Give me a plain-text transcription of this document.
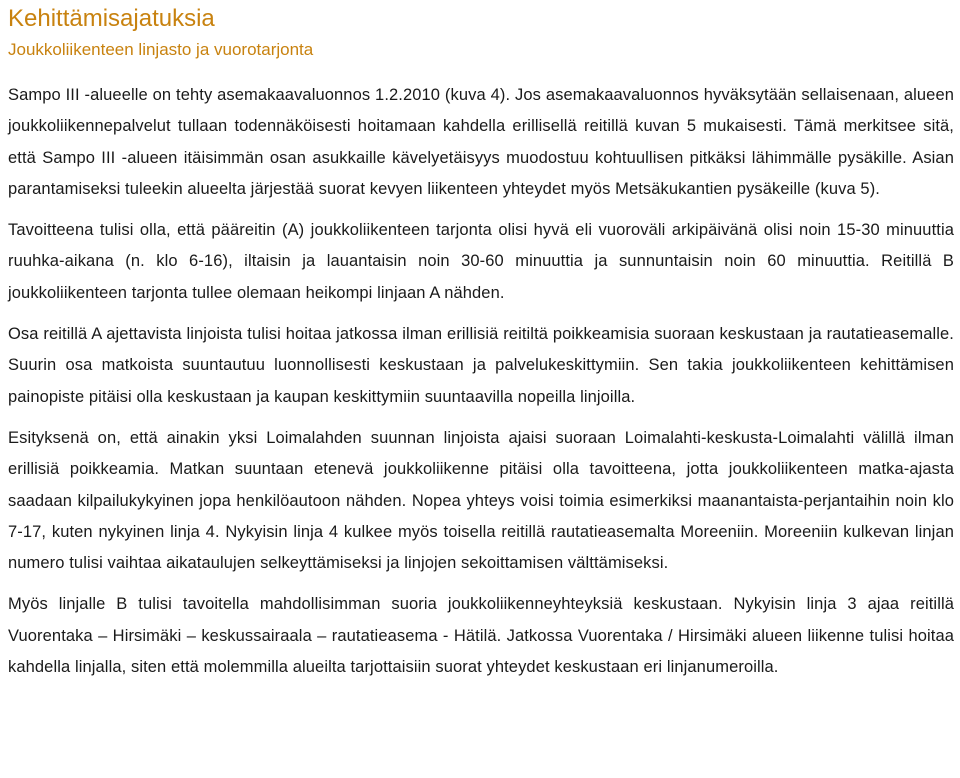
Kehittämisajatuksia
Joukkoliikenteen linjasto ja vuorotarjonta

Sampo III -alueelle on tehty asemakaavaluonnos 1.2.2010 (kuva 4). Jos asemakaavaluonnos hyväksytään sellaisenaan, alueen joukkoliikennepalvelut tullaan todennäköisesti hoitamaan kahdella erillisellä reitillä kuvan 5 mukaisesti. Tämä merkitsee sitä, että Sampo III -alueen itäisimmän osan asukkaille kävelyetäisyys muodostuu kohtuullisen pitkäksi lähimmälle pysäkille. Asian parantamiseksi tuleekin alueelta järjestää suorat kevyen liikenteen yhteydet myös Metsäkukantien pysäkeille (kuva 5).

Tavoitteena tulisi olla, että pääreitin (A) joukkoliikenteen tarjonta olisi hyvä eli vuoroväli arkipäivänä olisi noin 15-30 minuuttia ruuhka-aikana (n. klo 6-16), iltaisin ja lauantaisin noin 30-60 minuuttia ja sunnuntaisin noin 60 minuuttia. Reitillä B joukkoliikenteen tarjonta tullee olemaan heikompi linjaan A nähden.

Osa reitillä A ajettavista linjoista tulisi hoitaa jatkossa ilman erillisiä reitiltä poikkeamisia suoraan keskustaan ja rautatieasemalle. Suurin osa matkoista suuntautuu luonnollisesti keskustaan ja palvelukeskittymiin. Sen takia joukkoliikenteen kehittämisen painopiste pitäisi olla keskustaan ja kaupan keskittymiin suuntaavilla nopeilla linjoilla.

Esityksenä on, että ainakin yksi Loimalahden suunnan linjoista ajaisi suoraan Loimalahti-keskusta-Loimalahti välillä ilman erillisiä poikkeamia. Matkan suuntaan etenevä joukkoliikenne pitäisi olla tavoitteena, jotta joukkoliikenteen matka-ajasta saadaan kilpailukykyinen jopa henkilöautoon nähden. Nopea yhteys voisi toimia esimerkiksi maanantaista-perjantaihin noin klo 7-17, kuten nykyinen linja 4. Nykyisin linja 4 kulkee myös toisella reitillä rautatieasemalta Moreeniin. Moreeniin kulkevan linjan numero tulisi vaihtaa aikataulujen selkeyttämiseksi ja linjojen sekoittamisen välttämiseksi.

Myös linjalle B tulisi tavoitella mahdollisimman suoria joukkoliikenneyhteyksiä keskustaan. Nykyisin linja 3 ajaa reitillä Vuorentaka – Hirsimäki – keskussairaala – rautatieasema - Hätilä. Jatkossa Vuorentaka / Hirsimäki alueen liikenne tulisi hoitaa kahdella linjalla, siten että molemmilla alueilta tarjottaisiin suorat yhteydet keskustaan eri linjanumeroilla.
